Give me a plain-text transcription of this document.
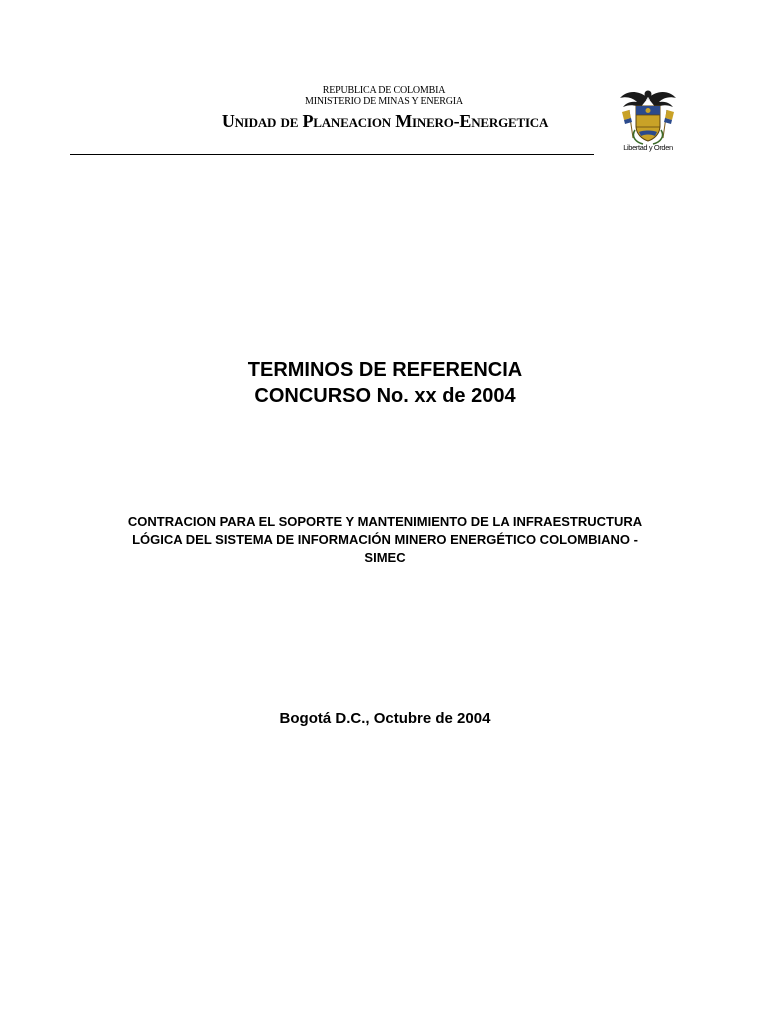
REPUBLICA DE COLOMBIA
MINISTERIO DE MINAS Y ENERGIA
Unidad de Planeacion Minero-Energetica
Libertad y Orden
TERMINOS DE REFERENCIA
CONCURSO No. xx de 2004
CONTRACION PARA EL SOPORTE Y MANTENIMIENTO DE LA INFRAESTRUCTURA
LÓGICA DEL SISTEMA DE INFORMACIÓN MINERO ENERGÉTICO COLOMBIANO -
SIMEC
Bogotá D.C., Octubre de 2004
